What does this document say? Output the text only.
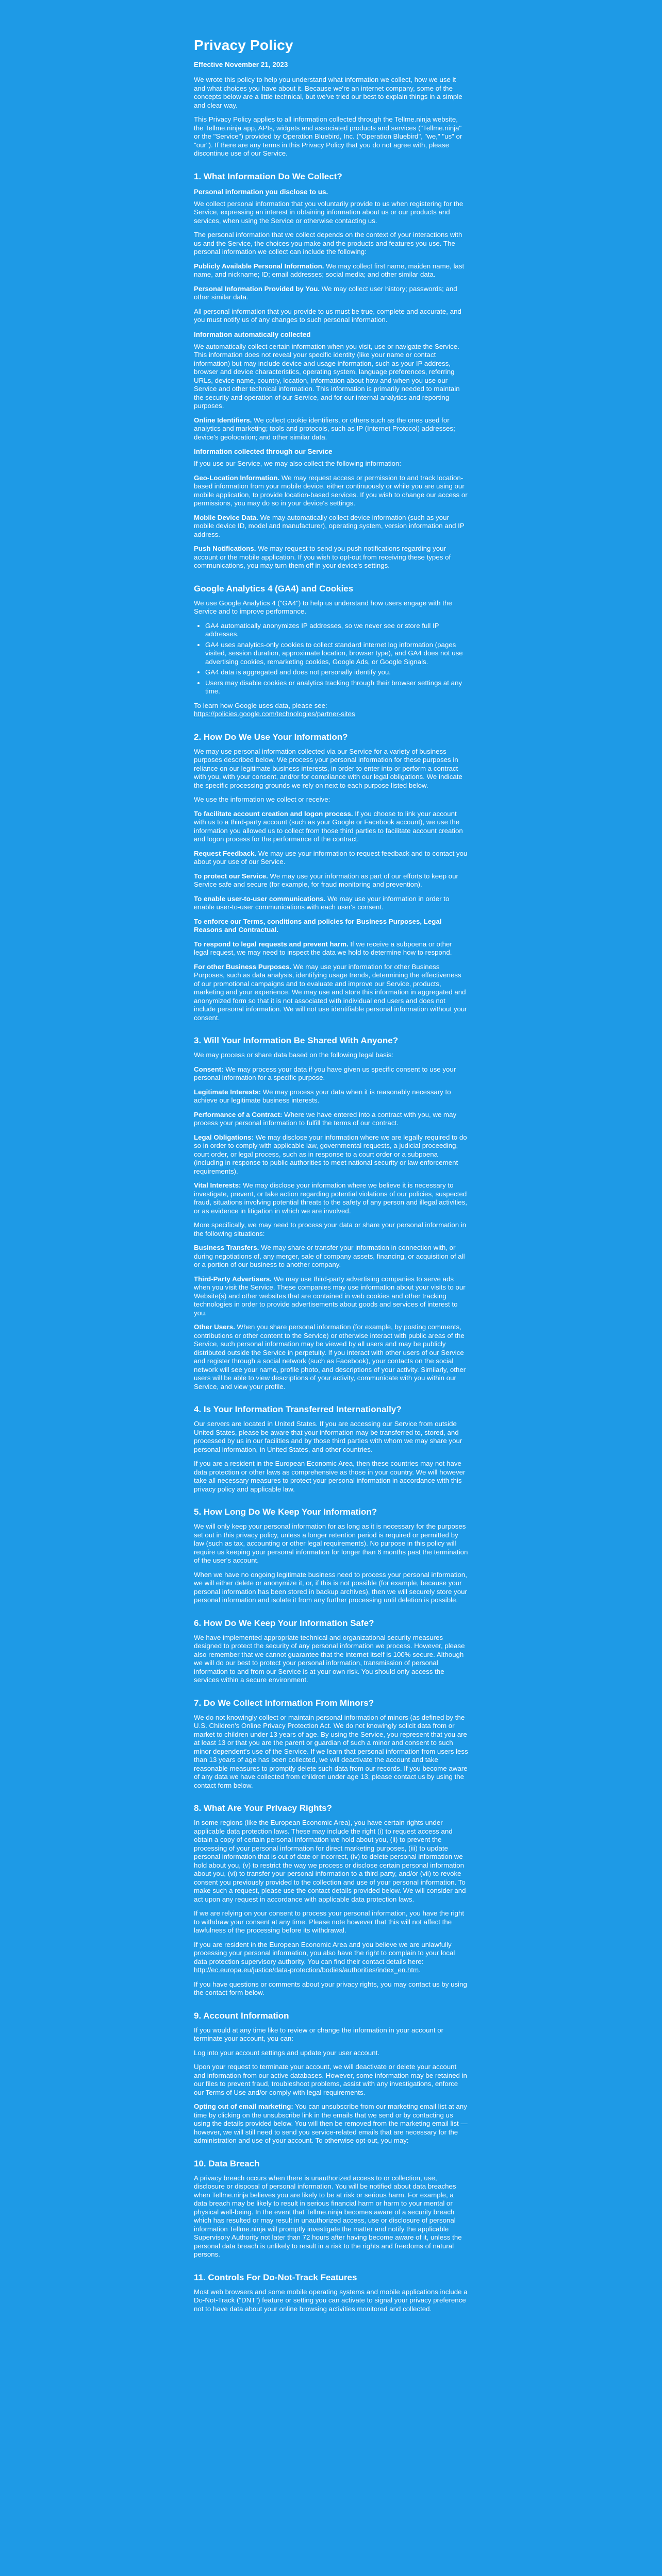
Privacy Policy
Effective November 21, 2023

We wrote this policy to help you understand what information we collect, how we use it and what choices you have about it. Because we're an internet company, some of the concepts below are a little technical, but we've tried our best to explain things in a simple and clear way.

This Privacy Policy applies to all information collected through the Tellme.ninja website, the Tellme.ninja app, APIs, widgets and associated products and services ("Tellme.ninja" or the "Service") provided by Operation Bluebird, Inc. ("Operation Bluebird", "we," "us" or "our"). If there are any terms in this Privacy Policy that you do not agree with, please discontinue use of our Service.

1. What Information Do We Collect?
Personal information you disclose to us.

We collect personal information that you voluntarily provide to us when registering for the Service, expressing an interest in obtaining information about us or our products and services, when using the Service or otherwise contacting us.

The personal information that we collect depends on the context of your interactions with us and the Service, the choices you make and the products and features you use. The personal information we collect can include the following:

Publicly Available Personal Information. We may collect first name, maiden name, last name, and nickname; ID; email addresses; social media; and other similar data.

Personal Information Provided by You. We may collect user history; passwords; and other similar data.

All personal information that you provide to us must be true, complete and accurate, and you must notify us of any changes to such personal information.

Information automatically collected

We automatically collect certain information when you visit, use or navigate the Service. This information does not reveal your specific identity (like your name or contact information) but may include device and usage information, such as your IP address, browser and device characteristics, operating system, language preferences, referring URLs, device name, country, location, information about how and when you use our Service and other technical information. This information is primarily needed to maintain the security and operation of our Service, and for our internal analytics and reporting purposes.

Online Identifiers. We collect cookie identifiers, or others such as the ones used for analytics and marketing; tools and protocols, such as IP (Internet Protocol) addresses; device's geolocation; and other similar data.

Information collected through our Service

If you use our Service, we may also collect the following information:

Geo-Location Information. We may request access or permission to and track location-based information from your mobile device, either continuously or while you are using our mobile application, to provide location-based services. If you wish to change our access or permissions, you may do so in your device's settings.

Mobile Device Data. We may automatically collect device information (such as your mobile device ID, model and manufacturer), operating system, version information and IP address.

Push Notifications. We may request to send you push notifications regarding your account or the mobile application. If you wish to opt-out from receiving these types of communications, you may turn them off in your device's settings.

Google Analytics 4 (GA4) and Cookies

We use Google Analytics 4 ("GA4") to help us understand how users engage with the Service and to improve performance.

• GA4 automatically anonymizes IP addresses, so we never see or store full IP addresses.
• GA4 uses analytics-only cookies to collect standard internet log information (pages visited, session duration, approximate location, browser type), and GA4 does not use advertising cookies, remarketing cookies, Google Ads, or Google Signals.
• GA4 data is aggregated and does not personally identify you.
• Users may disable cookies or analytics tracking through their browser settings at any time.

To learn how Google uses data, please see:
https://policies.google.com/technologies/partner-sites

2. How Do We Use Your Information?

We may use personal information collected via our Service for a variety of business purposes described below. We process your personal information for these purposes in reliance on our legitimate business interests, in order to enter into or perform a contract with you, with your consent, and/or for compliance with our legal obligations. We indicate the specific processing grounds we rely on next to each purpose listed below.

We use the information we collect or receive:

To facilitate account creation and logon process. If you choose to link your account with us to a third-party account (such as your Google or Facebook account), we use the information you allowed us to collect from those third parties to facilitate account creation and logon process for the performance of the contract.

Request Feedback. We may use your information to request feedback and to contact you about your use of our Service.

To protect our Service. We may use your information as part of our efforts to keep our Service safe and secure (for example, for fraud monitoring and prevention).

To enable user-to-user communications. We may use your information in order to enable user-to-user communications with each user's consent.

To enforce our Terms, conditions and policies for Business Purposes, Legal Reasons and Contractual.

To respond to legal requests and prevent harm. If we receive a subpoena or other legal request, we may need to inspect the data we hold to determine how to respond.

For other Business Purposes. We may use your information for other Business Purposes, such as data analysis, identifying usage trends, determining the effectiveness of our promotional campaigns and to evaluate and improve our Service, products, marketing and your experience. We may use and store this information in aggregated and anonymized form so that it is not associated with individual end users and does not include personal information. We will not use identifiable personal information without your consent.

3. Will Your Information Be Shared With Anyone?

We may process or share data based on the following legal basis:

Consent: We may process your data if you have given us specific consent to use your personal information for a specific purpose.

Legitimate Interests: We may process your data when it is reasonably necessary to achieve our legitimate business interests.

Performance of a Contract: Where we have entered into a contract with you, we may process your personal information to fulfill the terms of our contract.

Legal Obligations: We may disclose your information where we are legally required to do so in order to comply with applicable law, governmental requests, a judicial proceeding, court order, or legal process, such as in response to a court order or a subpoena (including in response to public authorities to meet national security or law enforcement requirements).

Vital Interests: We may disclose your information where we believe it is necessary to investigate, prevent, or take action regarding potential violations of our policies, suspected fraud, situations involving potential threats to the safety of any person and illegal activities, or as evidence in litigation in which we are involved.

More specifically, we may need to process your data or share your personal information in the following situations:

Business Transfers. We may share or transfer your information in connection with, or during negotiations of, any merger, sale of company assets, financing, or acquisition of all or a portion of our business to another company.

Third-Party Advertisers. We may use third-party advertising companies to serve ads when you visit the Service. These companies may use information about your visits to our Website(s) and other websites that are contained in web cookies and other tracking technologies in order to provide advertisements about goods and services of interest to you.

Other Users. When you share personal information (for example, by posting comments, contributions or other content to the Service) or otherwise interact with public areas of the Service, such personal information may be viewed by all users and may be publicly distributed outside the Service in perpetuity. If you interact with other users of our Service and register through a social network (such as Facebook), your contacts on the social network will see your name, profile photo, and descriptions of your activity. Similarly, other users will be able to view descriptions of your activity, communicate with you within our Service, and view your profile.

4. Is Your Information Transferred Internationally?

Our servers are located in United States. If you are accessing our Service from outside United States, please be aware that your information may be transferred to, stored, and processed by us in our facilities and by those third parties with whom we may share your personal information, in United States, and other countries.

If you are a resident in the European Economic Area, then these countries may not have data protection or other laws as comprehensive as those in your country. We will however take all necessary measures to protect your personal information in accordance with this privacy policy and applicable law.

5. How Long Do We Keep Your Information?

We will only keep your personal information for as long as it is necessary for the purposes set out in this privacy policy, unless a longer retention period is required or permitted by law (such as tax, accounting or other legal requirements). No purpose in this policy will require us keeping your personal information for longer than 6 months past the termination of the user's account.

When we have no ongoing legitimate business need to process your personal information, we will either delete or anonymize it, or, if this is not possible (for example, because your personal information has been stored in backup archives), then we will securely store your personal information and isolate it from any further processing until deletion is possible.

6. How Do We Keep Your Information Safe?

We have implemented appropriate technical and organizational security measures designed to protect the security of any personal information we process. However, please also remember that we cannot guarantee that the internet itself is 100% secure. Although we will do our best to protect your personal information, transmission of personal information to and from our Service is at your own risk. You should only access the services within a secure environment.

7. Do We Collect Information From Minors?

We do not knowingly collect or maintain personal information of minors (as defined by the U.S. Children's Online Privacy Protection Act. We do not knowingly solicit data from or market to children under 13 years of age. By using the Service, you represent that you are at least 13 or that you are the parent or guardian of such a minor and consent to such minor dependent's use of the Service. If we learn that personal information from users less than 13 years of age has been collected, we will deactivate the account and take reasonable measures to promptly delete such data from our records. If you become aware of any data we have collected from children under age 13, please contact us by using the contact form below.

8. What Are Your Privacy Rights?

In some regions (like the European Economic Area), you have certain rights under applicable data protection laws. These may include the right (i) to request access and obtain a copy of certain personal information we hold about you, (ii) to prevent the processing of your personal information for direct marketing purposes, (iii) to update personal information that is out of date or incorrect, (iv) to delete personal information we hold about you, (v) to restrict the way we process or disclose certain personal information about you, (vi) to transfer your personal information to a third-party, and/or (vii) to revoke consent you previously provided to the collection and use of your personal information. To make such a request, please use the contact details provided below. We will consider and act upon any request in accordance with applicable data protection laws.

If we are relying on your consent to process your personal information, you have the right to withdraw your consent at any time. Please note however that this will not affect the lawfulness of the processing before its withdrawal.

If you are resident in the European Economic Area and you believe we are unlawfully processing your personal information, you also have the right to complain to your local data protection supervisory authority. You can find their contact details here: http://ec.europa.eu/justice/data-protection/bodies/authorities/index_en.htm.

If you have questions or comments about your privacy rights, you may contact us by using the contact form below.

9. Account Information

If you would at any time like to review or change the information in your account or terminate your account, you can:

Log into your account settings and update your user account.

Upon your request to terminate your account, we will deactivate or delete your account and information from our active databases. However, some information may be retained in our files to prevent fraud, troubleshoot problems, assist with any investigations, enforce our Terms of Use and/or comply with legal requirements.

Opting out of email marketing: You can unsubscribe from our marketing email list at any time by clicking on the unsubscribe link in the emails that we send or by contacting us using the details provided below. You will then be removed from the marketing email list — however, we will still need to send you service-related emails that are necessary for the administration and use of your account. To otherwise opt-out, you may:

10. Data Breach

A privacy breach occurs when there is unauthorized access to or collection, use, disclosure or disposal of personal information. You will be notified about data breaches when Tellme.ninja believes you are likely to be at risk or serious harm. For example, a data breach may be likely to result in serious financial harm or harm to your mental or physical well-being. In the event that Tellme.ninja becomes aware of a security breach which has resulted or may result in unauthorized access, use or disclosure of personal information Tellme.ninja will promptly investigate the matter and notify the applicable Supervisory Authority not later than 72 hours after having become aware of it, unless the personal data breach is unlikely to result in a risk to the rights and freedoms of natural persons.

11. Controls For Do-Not-Track Features

Most web browsers and some mobile operating systems and mobile applications include a Do-Not-Track ("DNT") feature or setting you can activate to signal your privacy preference not to have data about your online browsing activities monitored and collected.
